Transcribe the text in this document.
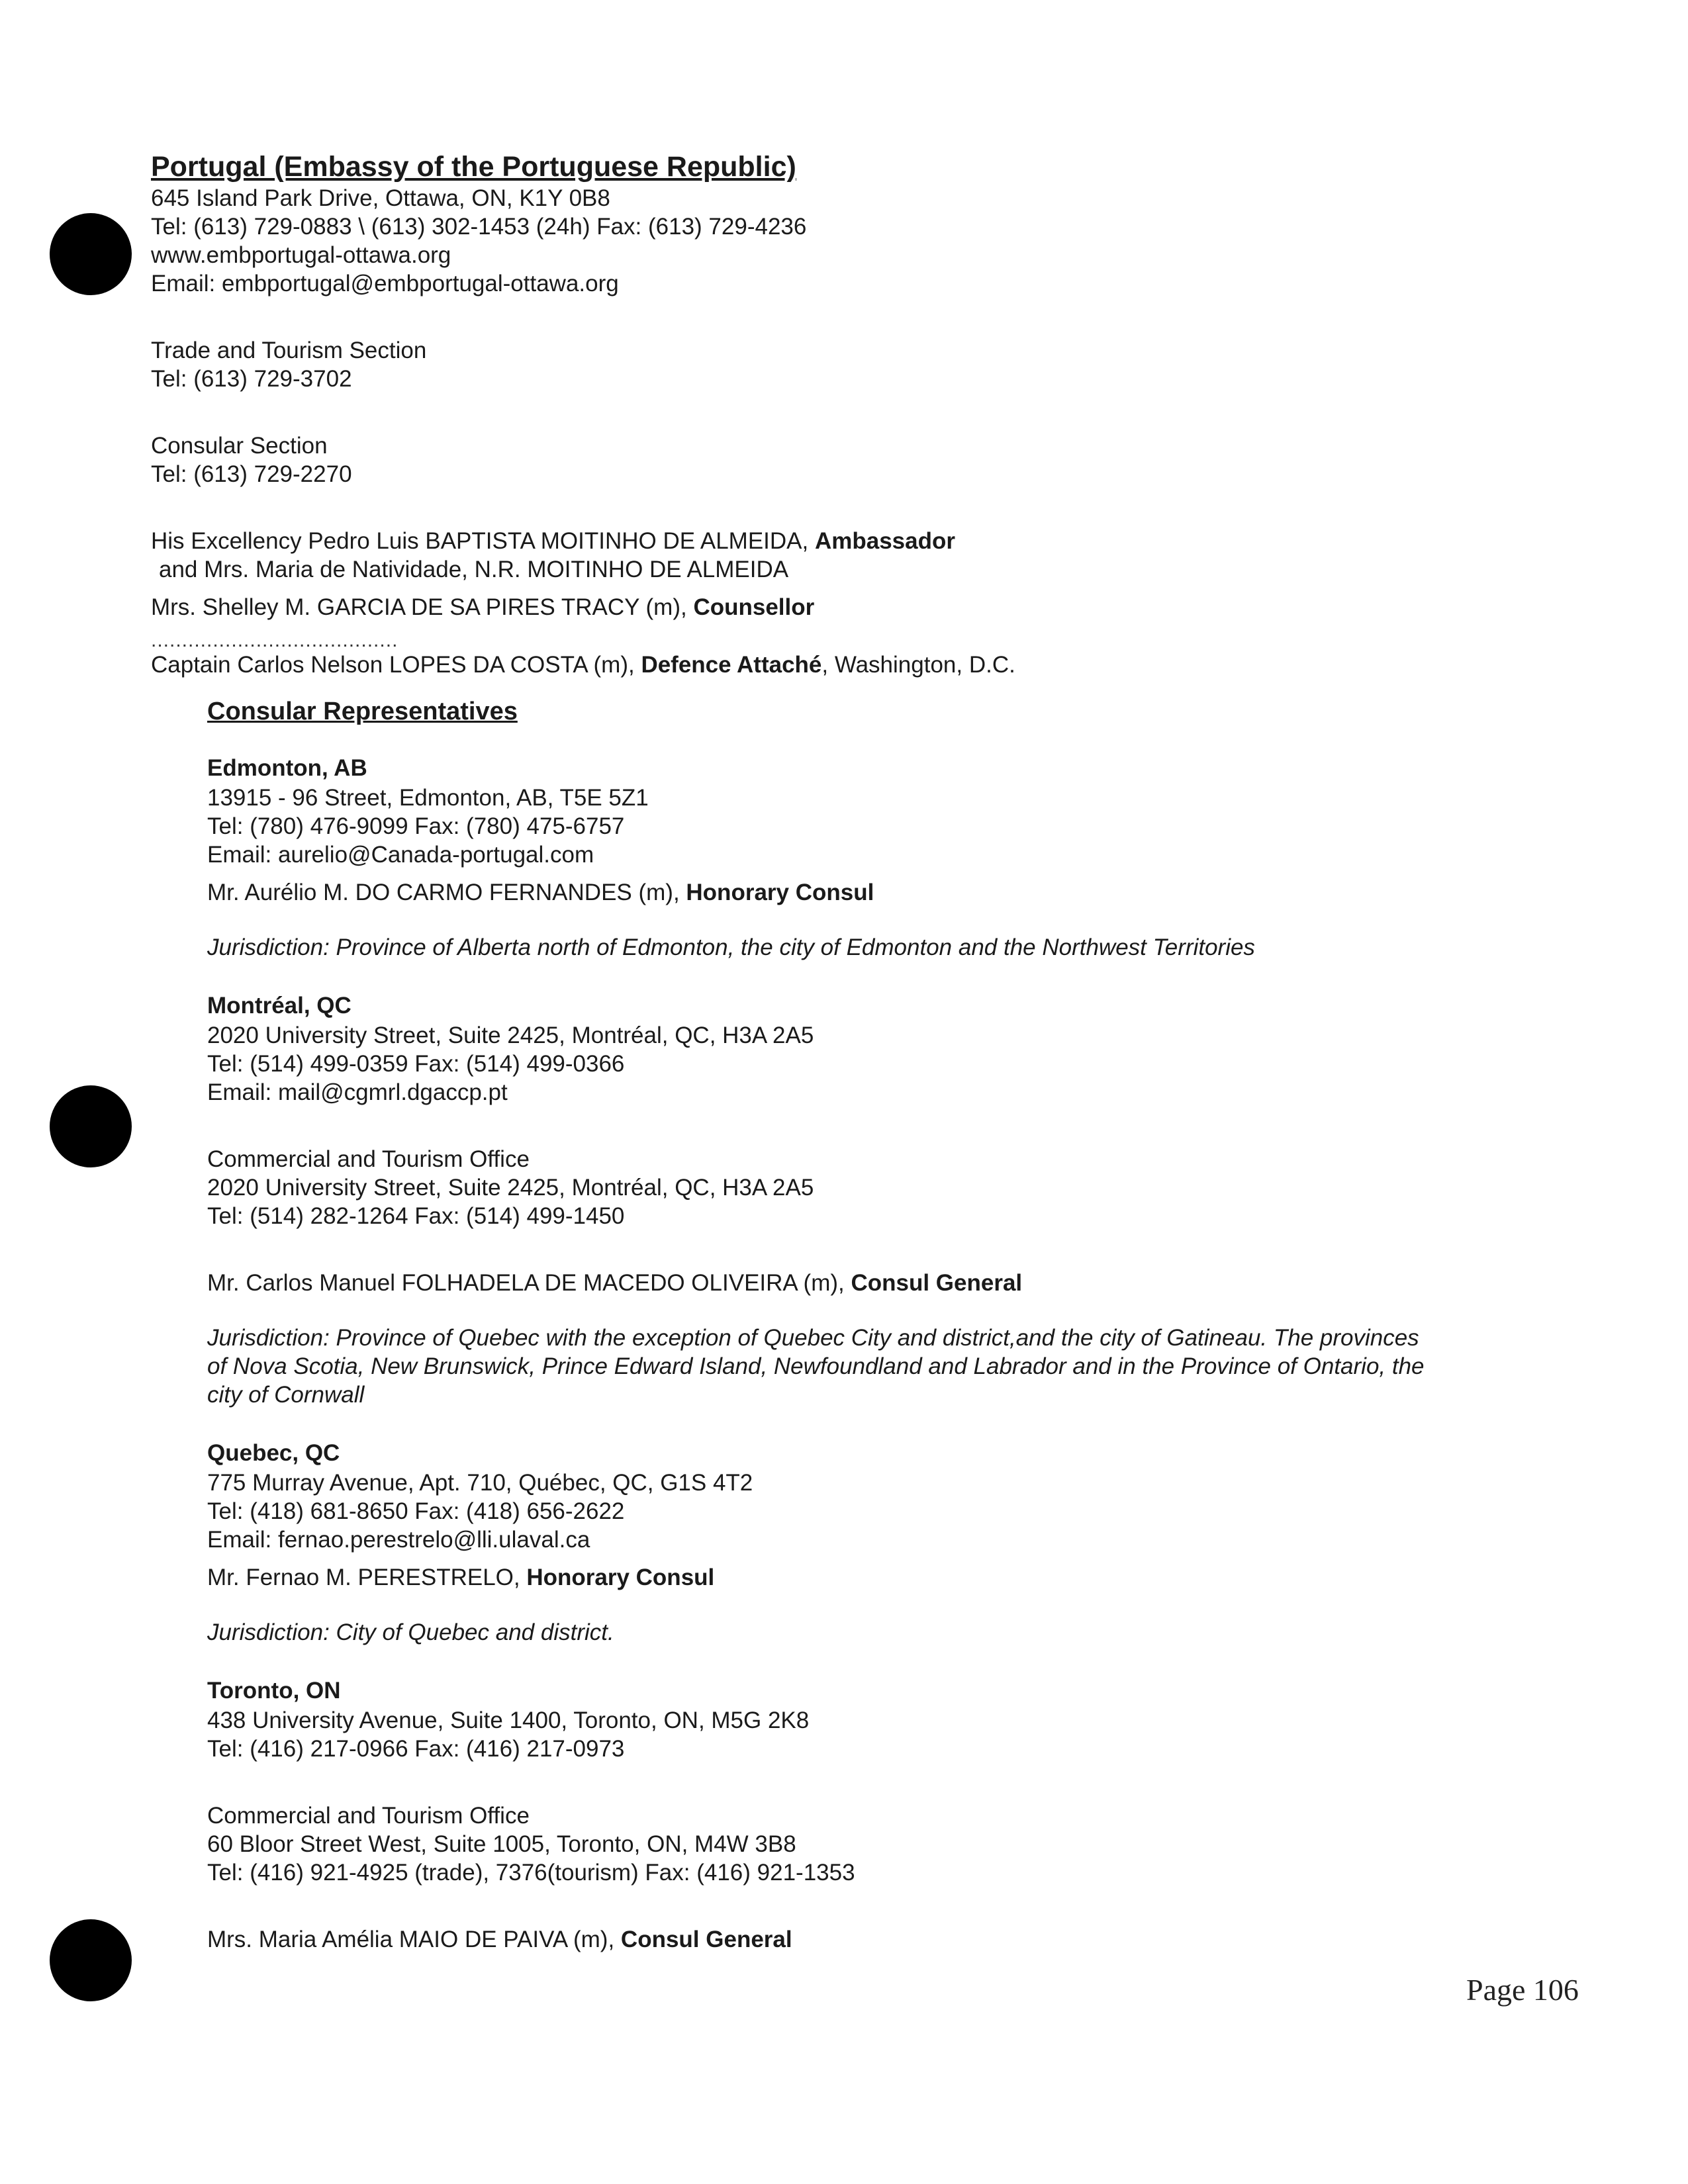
Portugal (Embassy of the Portuguese Republic)
645 Island Park Drive, Ottawa, ON, K1Y 0B8
Tel: (613) 729-0883 \ (613) 302-1453 (24h) Fax: (613) 729-4236
www.embportugal-ottawa.org
Email: embportugal@embportugal-ottawa.org
Trade and Tourism Section
Tel: (613) 729-3702
Consular Section
Tel: (613) 729-2270
His Excellency Pedro Luis BAPTISTA MOITINHO DE ALMEIDA, Ambassador
and Mrs. Maria de Natividade, N.R. MOITINHO DE ALMEIDA
Mrs. Shelley M. GARCIA DE SA PIRES TRACY (m), Counsellor
........................................
Captain Carlos Nelson LOPES DA COSTA (m), Defence Attaché, Washington, D.C.
Consular Representatives
Edmonton, AB
13915 - 96 Street, Edmonton, AB, T5E 5Z1
Tel: (780) 476-9099 Fax: (780) 475-6757
Email: aurelio@Canada-portugal.com
Mr. Aurélio M. DO CARMO FERNANDES (m), Honorary Consul
Jurisdiction: Province of Alberta north of Edmonton, the city of Edmonton and the Northwest Territories
Montréal, QC
2020 University Street, Suite 2425, Montréal, QC, H3A 2A5
Tel: (514) 499-0359 Fax: (514) 499-0366
Email: mail@cgmrl.dgaccp.pt
Commercial and Tourism Office
2020 University Street, Suite 2425, Montréal, QC, H3A 2A5
Tel: (514) 282-1264 Fax: (514) 499-1450
Mr. Carlos Manuel FOLHADELA DE MACEDO OLIVEIRA (m), Consul General
Jurisdiction: Province of Quebec with the exception of Quebec City and district,and the city of Gatineau. The provinces
of Nova Scotia, New Brunswick, Prince Edward Island, Newfoundland and Labrador and in the Province of Ontario, the
city of Cornwall
Quebec, QC
775 Murray Avenue, Apt. 710, Québec, QC, G1S 4T2
Tel: (418) 681-8650 Fax: (418) 656-2622
Email: fernao.perestrelo@lli.ulaval.ca
Mr. Fernao M. PERESTRELO, Honorary Consul
Jurisdiction: City of Quebec and district.
Toronto, ON
438 University Avenue, Suite 1400, Toronto, ON, M5G 2K8
Tel: (416) 217-0966 Fax: (416) 217-0973
Commercial and Tourism Office
60 Bloor Street West, Suite 1005, Toronto, ON, M4W 3B8
Tel: (416) 921-4925 (trade), 7376(tourism) Fax: (416) 921-1353
Mrs. Maria Amélia MAIO DE PAIVA (m), Consul General
Page 106
